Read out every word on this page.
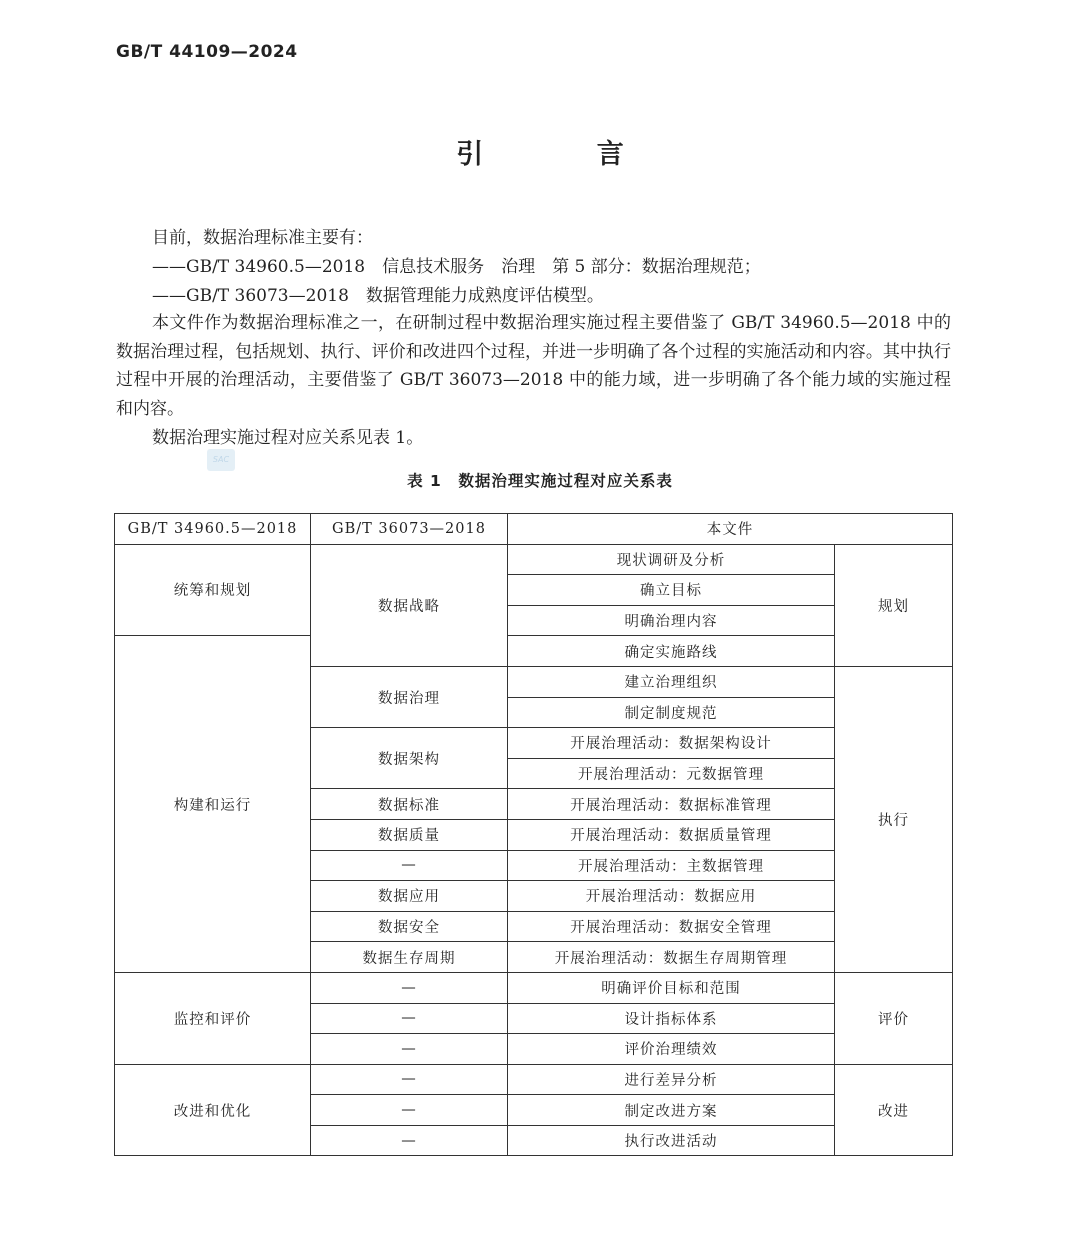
GB/T 44109—2024
引 言
目前，数据治理标准主要有：
——GB/T 34960.5—2018　信息技术服务　治理　第 5 部分：数据治理规范；
——GB/T 36073—2018　数据管理能力成熟度评估模型。
本文件作为数据治理标准之一，在研制过程中数据治理实施过程主要借鉴了 GB/T 34960.5—2018 中的数据治理过程，包括规划、执行、评价和改进四个过程，并进一步明确了各个过程的实施活动和内容。其中执行过程中开展的治理活动，主要借鉴了 GB/T 36073—2018 中的能力域，进一步明确了各个能力域的实施过程和内容。
数据治理实施过程对应关系见表 1。
SAC
表 1　数据治理实施过程对应关系表
GB/T 34960.5—2018	GB/T 36073—2018	本文件	
统筹和规划	数据战略	现状调研及分析	规划
		确立目标	
		明确治理内容	
构建和运行		确定实施路线	
	数据治理	建立治理组织	执行
		制定制度规范	
	数据架构	开展治理活动：数据架构设计	
		开展治理活动：元数据管理	
	数据标准	开展治理活动：数据标准管理	
	数据质量	开展治理活动：数据质量管理	
	—	开展治理活动：主数据管理	
	数据应用	开展治理活动：数据应用	
	数据安全	开展治理活动：数据安全管理	
	数据生存周期	开展治理活动：数据生存周期管理	
监控和评价	—	明确评价目标和范围	评价
	—	设计指标体系	
	—	评价治理绩效	
改进和优化	—	进行差异分析	改进
	—	制定改进方案	
	—	执行改进活动	
